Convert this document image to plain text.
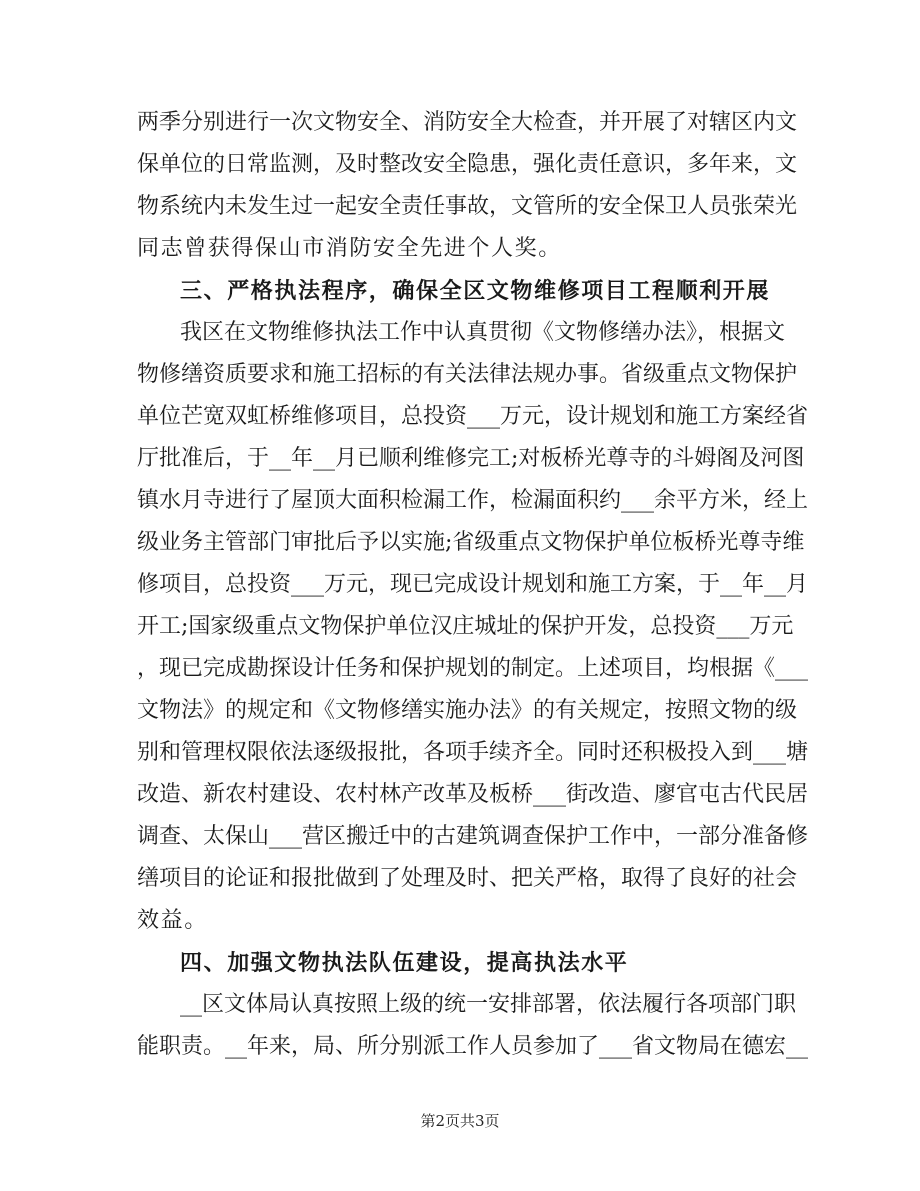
两季分别进行一次文物安全、消防安全大检查，并开展了对辖区内文
保单位的日常监测，及时整改安全隐患，强化责任意识，多年来，文
物系统内未发生过一起安全责任事故，文管所的安全保卫人员张荣光
同志曾获得保山市消防安全先进个人奖。
三、严格执法程序，确保全区文物维修项目工程顺利开展
我区在文物维修执法工作中认真贯彻《文物修缮办法》，根据文
物修缮资质要求和施工招标的有关法律法规办事。省级重点文物保护
单位芒宽双虹桥维修项目，总投资___万元，设计规划和施工方案经省
厅批准后，于__年__月已顺利维修完工;对板桥光尊寺的斗姆阁及河图
镇水月寺进行了屋顶大面积检漏工作，检漏面积约___余平方米，经上
级业务主管部门审批后予以实施;省级重点文物保护单位板桥光尊寺维
修项目，总投资___万元，现已完成设计规划和施工方案，于__年__月
开工;国家级重点文物保护单位汉庄城址的保护开发，总投资___万元
，现已完成勘探设计任务和保护规划的制定。上述项目，均根据《___
文物法》的规定和《文物修缮实施办法》的有关规定，按照文物的级
别和管理权限依法逐级报批，各项手续齐全。同时还积极投入到___塘
改造、新农村建设、农村林产改革及板桥___街改造、廖官屯古代民居
调查、太保山___营区搬迁中的古建筑调查保护工作中，一部分准备修
缮项目的论证和报批做到了处理及时、把关严格，取得了良好的社会
效益。
四、加强文物执法队伍建设，提高执法水平
__区文体局认真按照上级的统一安排部署，依法履行各项部门职
能职责。__年来，局、所分别派工作人员参加了___省文物局在德宏__
第2页共3页
